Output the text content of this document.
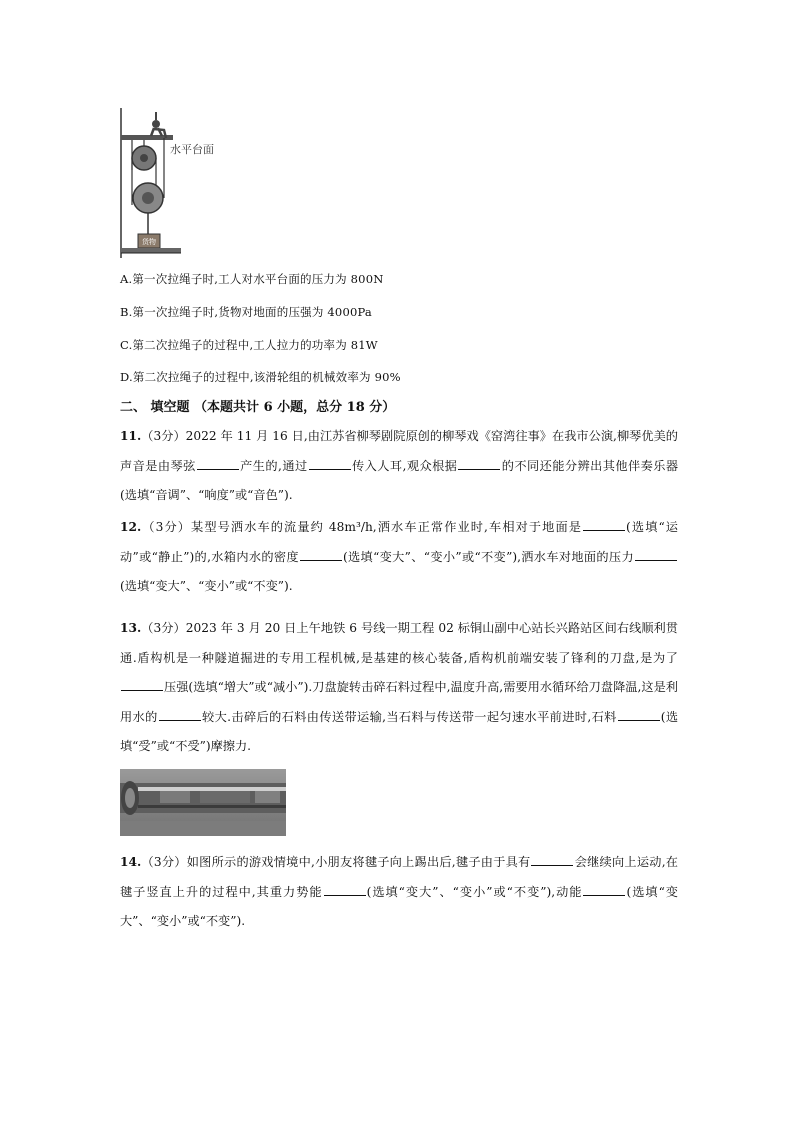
货物
水平台面
A.第一次拉绳子时,工人对水平台面的压力为 800N
B.第一次拉绳子时,货物对地面的压强为 4000Pa
C.第二次拉绳子的过程中,工人拉力的功率为 81W
D.第二次拉绳子的过程中,该滑轮组的机械效率为 90%
二、 填空题 （本题共计 6 小题，总分 18 分）
11.（3分）2022 年 11 月 16 日,由江苏省柳琴剧院原创的柳琴戏《窑湾往事》在我市公演,柳琴优美的声音是由琴弦	产生的,通过	传入人耳,观众根据	的不同还能分辨出其他伴奏乐器 (选填“音调”、“响度”或“音色”).
12.（3分）某型号洒水车的流量约 48m³/h,洒水车正常作业时,车相对于地面是	(选填“运动”或“静止”)的,水箱内水的密度	(选填“变大”、“变小”或“不变”),洒水车对地面的压力(选填“变大”、“变小”或“不变”).
13.（3分）2023 年 3 月 20 日上午地铁 6 号线一期工程 02 标铜山副中心站长兴路站区间右线顺利贯通.盾构机是一种隧道掘进的专用工程机械,是基建的核心装备,盾构机前端安装了锋利的刀盘,是为了压强(选填“增大”或“减小”).刀盘旋转击碎石料过程中,温度升高,需要用水循环给刀盘降温,这是利用水的	较大.击碎后的石料由传送带运输,当石料与传送带一起匀速水平前进时,石料	(选填“受”或“不受”)摩擦力.
14.（3分）如图所示的游戏情境中,小朋友将毽子向上踢出后,毽子由于具有	会继续向上运动,在毽子竖直上升的过程中,其重力势能	(选填“变大”、“变小”或“不变”),动能	(选填“变大”、“变小”或“不变”).
